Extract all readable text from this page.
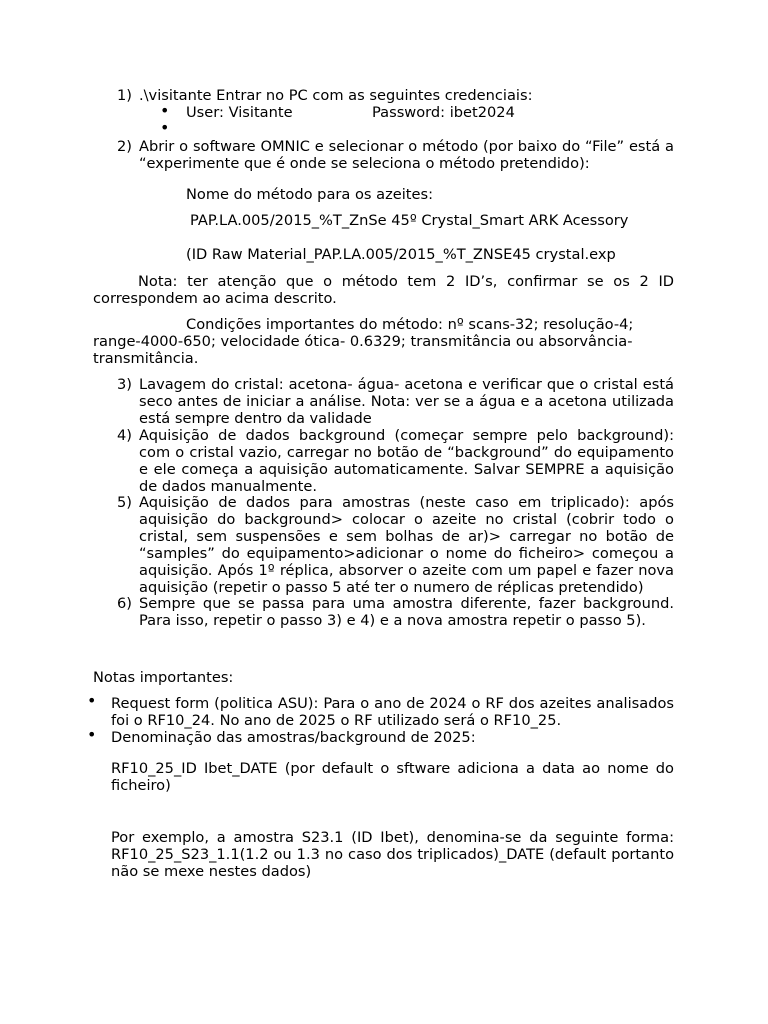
1) .\visitante Entrar no PC com as seguintes credenciais:
• User: Visitante	Password: ibet2024
•
2) Abrir o software OMNIC e selecionar o método (por baixo do “File” está a “experimente que é onde se seleciona o método pretendido):
Nome do método para os azeites:
PAP.LA.005/2015_%T_ZnSe 45º Crystal_Smart ARK Acessory
(ID Raw Material_PAP.LA.005/2015_%T_ZNSE45 crystal.exp
Nota: ter atenção que o método tem 2 ID’s, confirmar se os 2 ID correspondem ao acima descrito.
Condições importantes do método: nº scans-32; resolução-4; range-4000-650; velocidade ótica- 0.6329; transmitância ou absorvância-transmitância.
3) Lavagem do cristal: acetona- água- acetona e verificar que o cristal está seco antes de iniciar a análise. Nota: ver se a água e a acetona utilizada está sempre dentro da validade
4) Aquisição de dados background (começar sempre pelo background): com o cristal vazio, carregar no botão de “background” do equipamento e ele começa a aquisição automaticamente. Salvar SEMPRE a aquisição de dados manualmente.
5) Aquisição de dados para amostras (neste caso em triplicado): após aquisição do background> colocar o azeite no cristal (cobrir todo o cristal, sem suspensões e sem bolhas de ar)> carregar no botão de “samples” do equipamento>adicionar o nome do ficheiro> começou a aquisição. Após 1º réplica, absorver o azeite com um papel e fazer nova aquisição (repetir o passo 5 até ter o numero de réplicas pretendido)
6) Sempre que se passa para uma amostra diferente, fazer background. Para isso, repetir o passo 3) e 4) e a nova amostra repetir o passo 5).
Notas importantes:
• Request form (politica ASU): Para o ano de 2024 o RF dos azeites analisados foi o RF10_24. No ano de 2025 o RF utilizado será o RF10_25.
• Denominação das amostras/background de 2025:
RF10_25_ID Ibet_DATE (por default o sftware adiciona a data ao nome do ficheiro)
Por exemplo, a amostra S23.1 (ID Ibet), denomina-se da seguinte forma: RF10_25_S23_1.1(1.2 ou 1.3 no caso dos triplicados)_DATE (default portanto não se mexe nestes dados)
